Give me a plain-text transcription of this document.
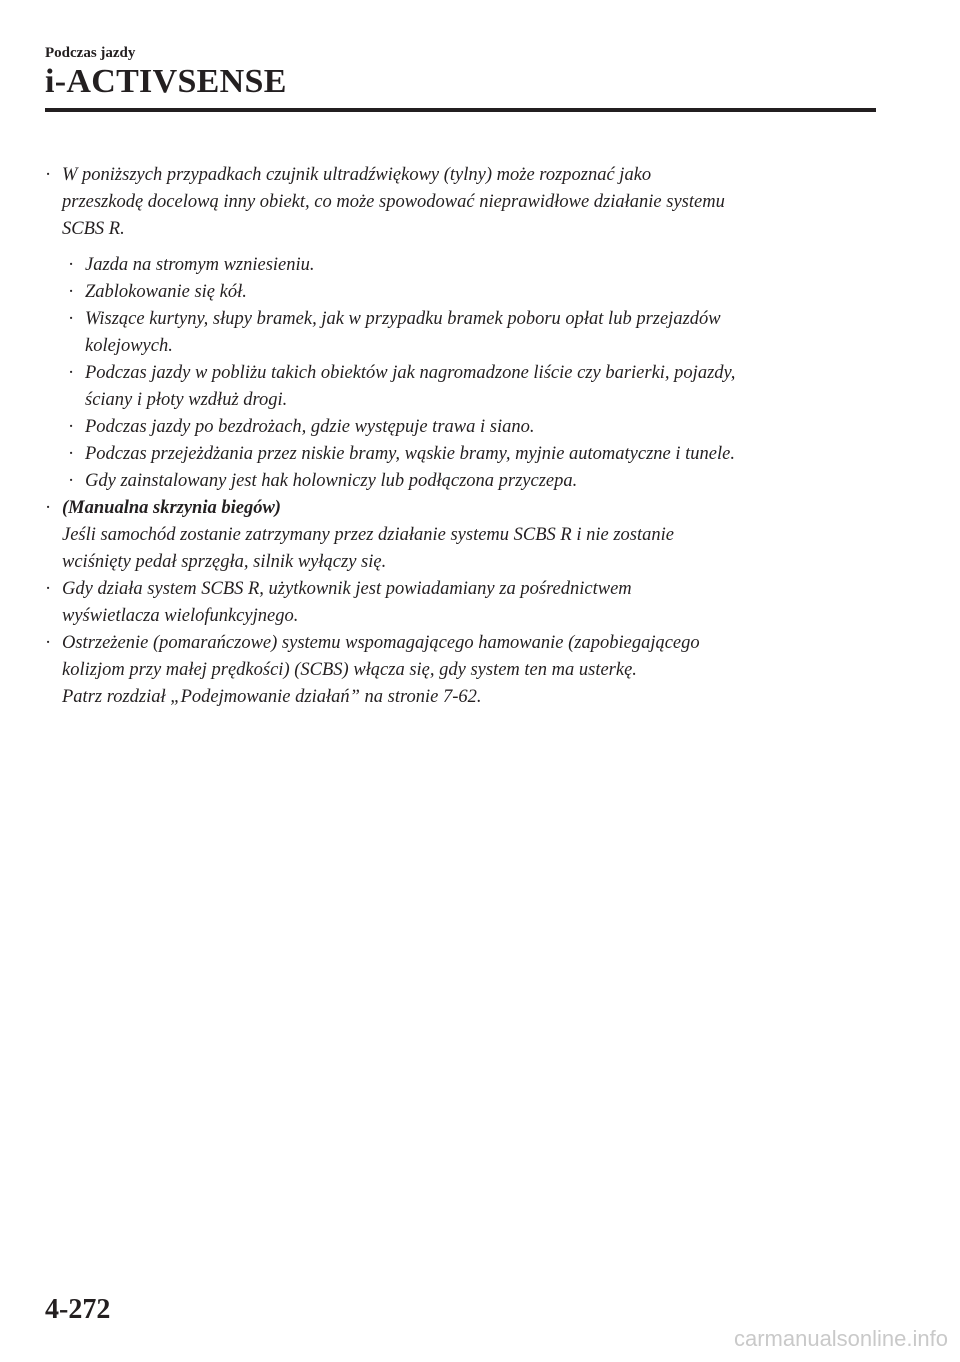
Podczas jazdy
i-ACTIVSENSE
· W poniższych przypadkach czujnik ultradźwiękowy (tylny) może rozpoznać jako
przeszkodę docelową inny obiekt, co może spowodować nieprawidłowe działanie systemu
SCBS R.
· Jazda na stromym wzniesieniu.
· Zablokowanie się kół.
· Wiszące kurtyny, słupy bramek, jak w przypadku bramek poboru opłat lub przejazdów
kolejowych.
· Podczas jazdy w pobliżu takich obiektów jak nagromadzone liście czy barierki, pojazdy,
ściany i płoty wzdłuż drogi.
· Podczas jazdy po bezdrożach, gdzie występuje trawa i siano.
· Podczas przejeżdżania przez niskie bramy, wąskie bramy, myjnie automatyczne i tunele.
· Gdy zainstalowany jest hak holowniczy lub podłączona przyczepa.
· (Manualna skrzynia biegów)
Jeśli samochód zostanie zatrzymany przez działanie systemu SCBS R i nie zostanie
wciśnięty pedał sprzęgła, silnik wyłączy się.
· Gdy działa system SCBS R, użytkownik jest powiadamiany za pośrednictwem
wyświetlacza wielofunkcyjnego.
· Ostrzeżenie (pomarańczowe) systemu wspomagającego hamowanie (zapobiegającego
kolizjom przy małej prędkości) (SCBS) włącza się, gdy system ten ma usterkę.
Patrz rozdział „Podejmowanie działań” na stronie 7-62.
4-272
carmanualsonline.info
